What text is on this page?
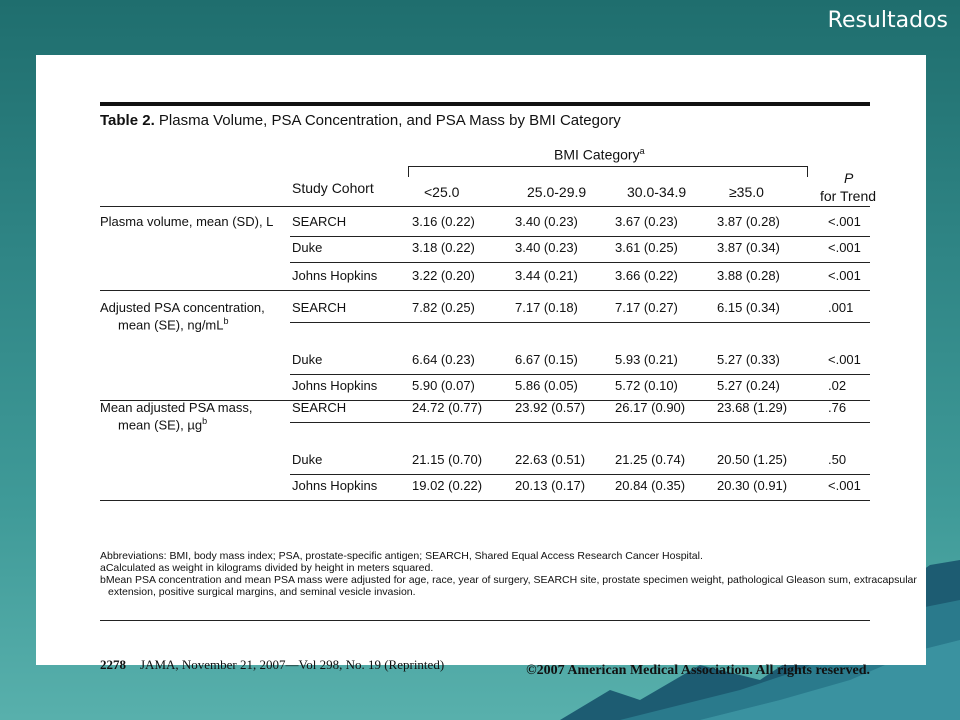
Resultados
Table 2. Plasma Volume, PSA Concentration, and PSA Mass by BMI Category
BMI Category$^a$
P
for Trend
Study Cohort	<25.0	25.0-29.9	30.0-34.9	≥35.0
Plasma volume, mean (SD), L SEARCH	3.16 (0.22)	3.40 (0.23)	3.67 (0.23)	3.87 (0.28)	<.001
Duke	3.18 (0.22)	3.40 (0.23)	3.61 (0.25)	3.87 (0.34)	<.001
Johns Hopkins	3.22 (0.20)	3.44 (0.21)	3.66 (0.22)	3.88 (0.28)	<.001
Adjusted PSA concentration,
mean (SE), $ng/mL^b$
SEARCH	7.82 (0.25)	7.17 (0.18)	7.17 (0.27)	6.15 (0.34)	.001
Duke	6.64 (0.23)	6.67 (0.15)	5.93 (0.21)	5.27 (0.33)	<.001
Johns Hopkins	5.90 (0.07)	5.86 (0.05)	5.72 (0.10)	5.27 (0.24)	.02
Mean adjusted PSA mass,
mean (SE), µg$^b$
SEARCH	24.72 (0.77)	23.92 (0.57) 26.17 (0.90) 23.68 (1.29)	.76
Duke	21.15 (0.70)	22.63 (0.51) 21.25 (0.74) 20.50 (1.25)	.50
Johns Hopkins	19.02 (0.22)	20.13 (0.17) 20.84 (0.35) 20.30 (0.91)	<.001
Abbreviations: BMI, body mass index; PSA, prostate-specific antigen; SEARCH, Shared Equal Access Research Cancer Hospital.
aCalculated as weight in kilograms divided by height in meters squared.
bMean PSA concentration and mean PSA mass were adjusted for age, race, year of surgery, SEARCH site, prostate specimen weight, pathological Gleason sum, extracapsular
extension, positive surgical margins, and seminal vesicle invasion.
2278 JAMA, November 21, 2007—Vol 298, No. 19 (Reprinted)	©2007 American Medical Association. All rights reserved.
